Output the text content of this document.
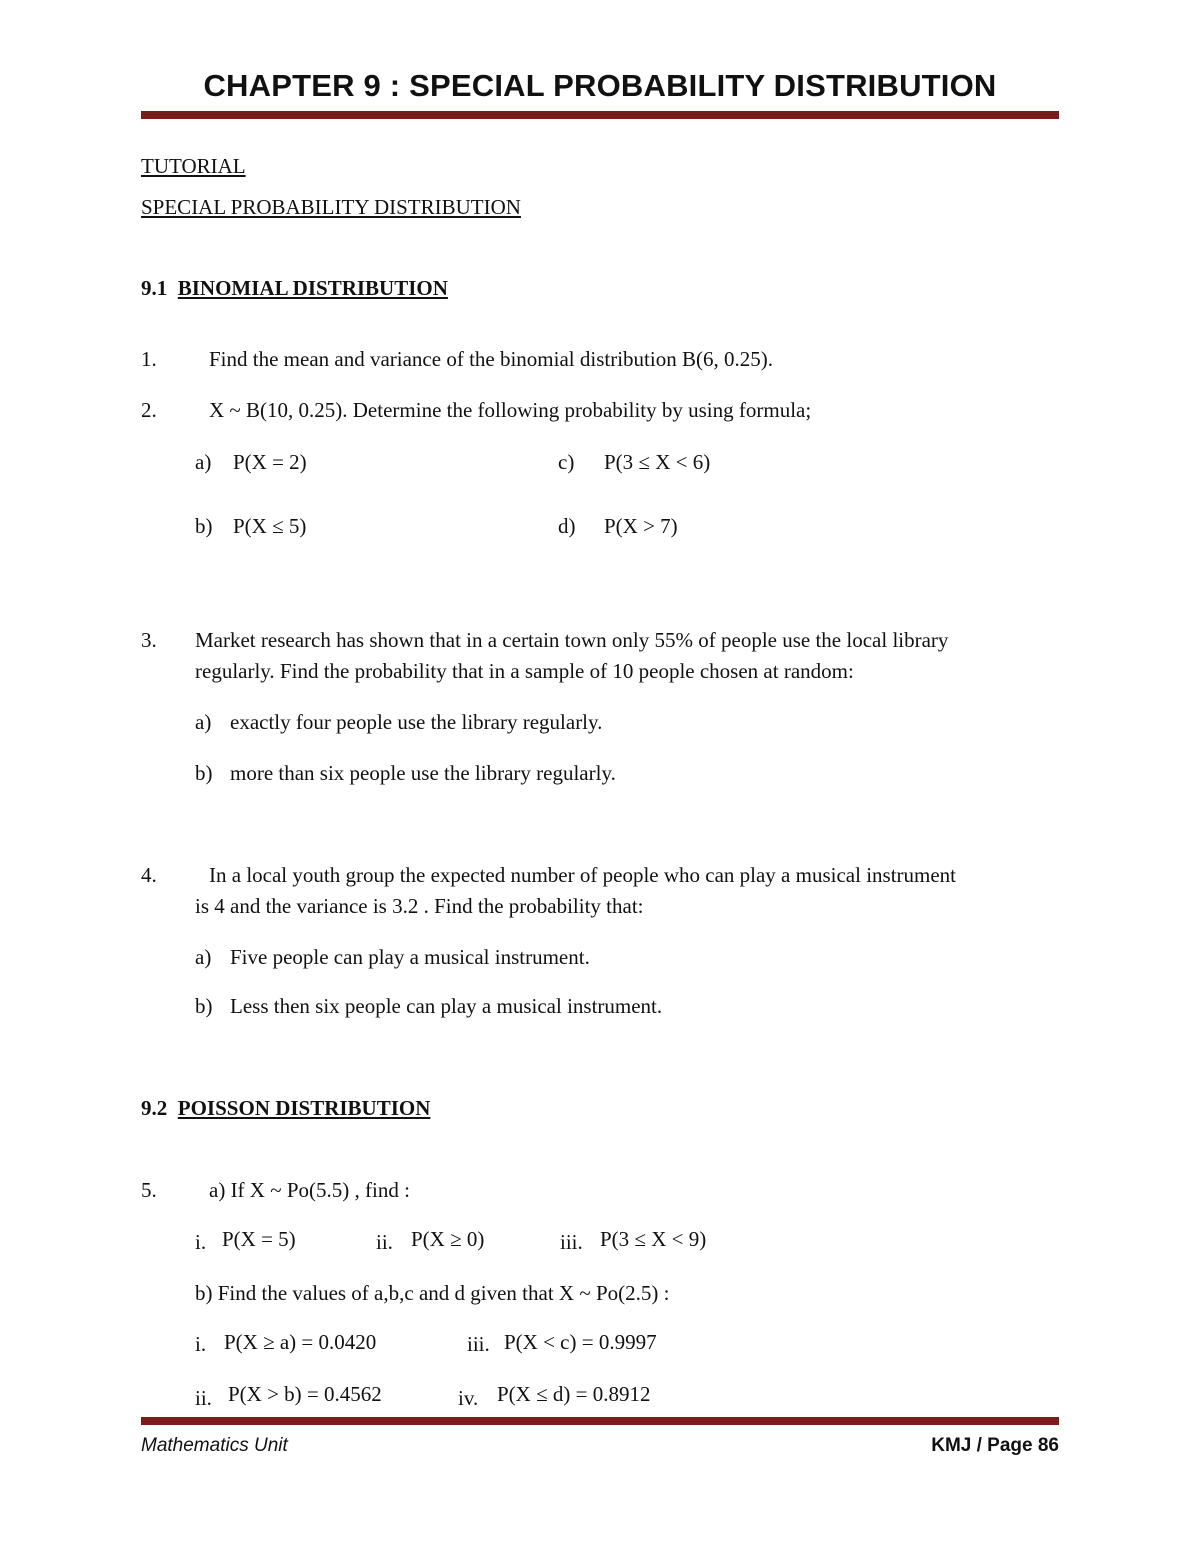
CHAPTER 9 : SPECIAL PROBABILITY DISTRIBUTION
TUTORIAL
SPECIAL PROBABILITY DISTRIBUTION
9.1 BINOMIAL DISTRIBUTION
1. Find the mean and variance of the binomial distribution B(6, 0.25).
2. X ~ B(10, 0.25). Determine the following probability by using formula;
a) P(X = 2)	c) P(3 ≤ X < 6)
b) P(X ≤ 5)	d) P(X > 7)
3. Market research has shown that in a certain town only 55% of people use the local library
regularly. Find the probability that in a sample of 10 people chosen at random:
a) exactly four people use the library regularly.
b) more than six people use the library regularly.
4. In a local youth group the expected number of people who can play a musical instrument
is 4 and the variance is 3.2 . Find the probability that:
a) Five people can play a musical instrument.
b) Less then six people can play a musical instrument.
9.2 POISSON DISTRIBUTION
5. a) If X ~ Po(5.5) , find :
i. P(X = 5)	ii. P(X ≥ 0)	iii. P(3 ≤ X < 9)
b) Find the values of a,b,c and d given that X ~ Po(2.5) :
i. P(X ≥ a) = 0.0420	iii. P(X < c) = 0.9997
ii. P(X > b) = 0.4562	iv. P(X ≤ d) = 0.8912
Mathematics Unit	KMJ / Page 86
